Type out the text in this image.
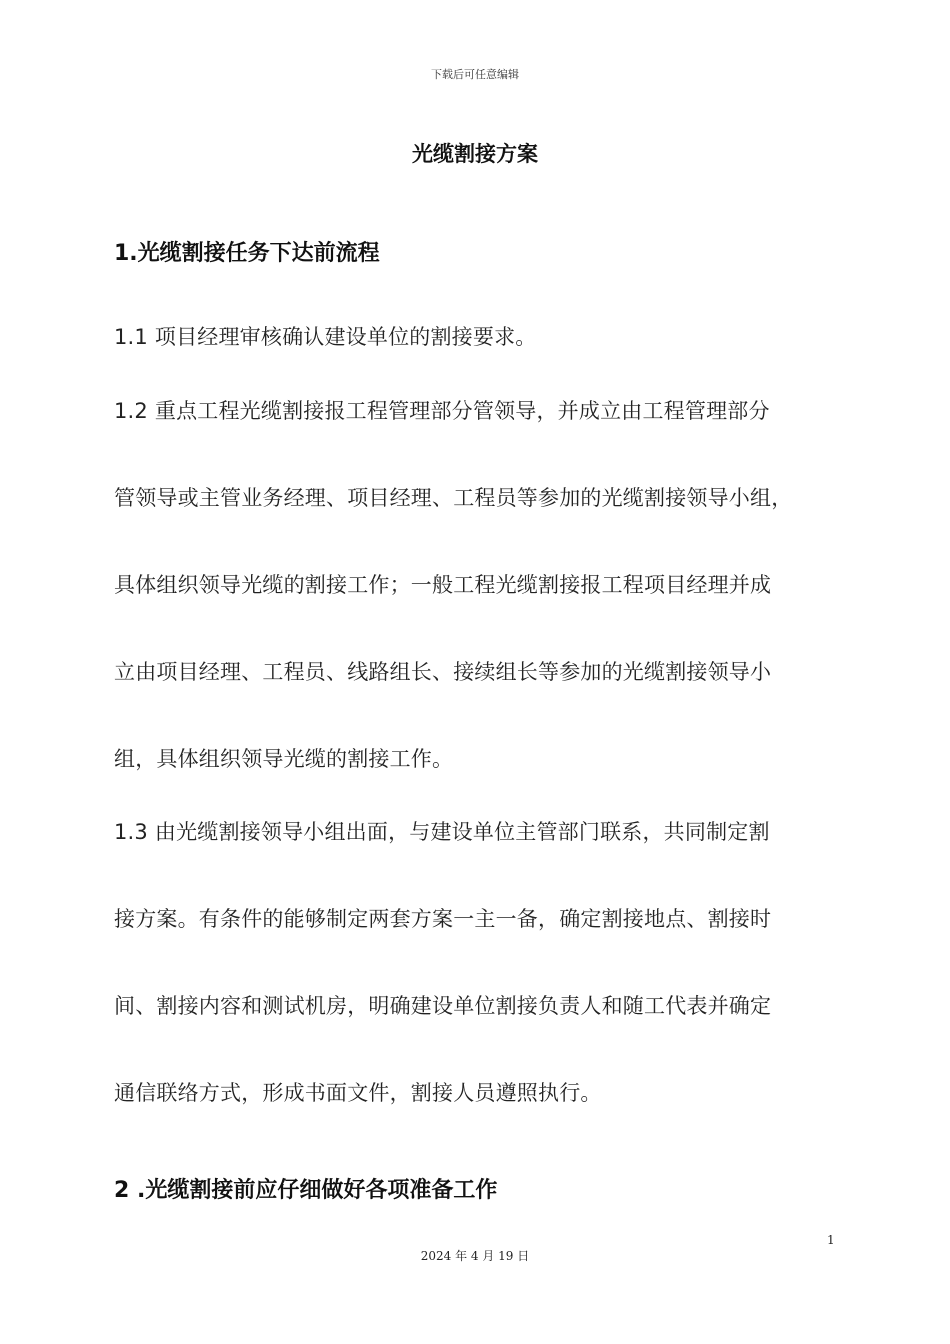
下载后可任意编辑
光缆割接方案
1.光缆割接任务下达前流程
1.1 项目经理审核确认建设单位的割接要求。
1.2 重点工程光缆割接报工程管理部分管领导，并成立由工程管理部分
管领导或主管业务经理、项目经理、工程员等参加的光缆割接领导小组，
具体组织领导光缆的割接工作；一般工程光缆割接报工程项目经理并成
立由项目经理、工程员、线路组长、接续组长等参加的光缆割接领导小
组，具体组织领导光缆的割接工作。
1.3 由光缆割接领导小组出面，与建设单位主管部门联系，共同制定割
接方案。有条件的能够制定两套方案一主一备，确定割接地点、割接时
间、割接内容和测试机房，明确建设单位割接负责人和随工代表并确定
通信联络方式，形成书面文件，割接人员遵照执行。
2 .光缆割接前应仔细做好各项准备工作
1
2024 年 4 月 19 日
